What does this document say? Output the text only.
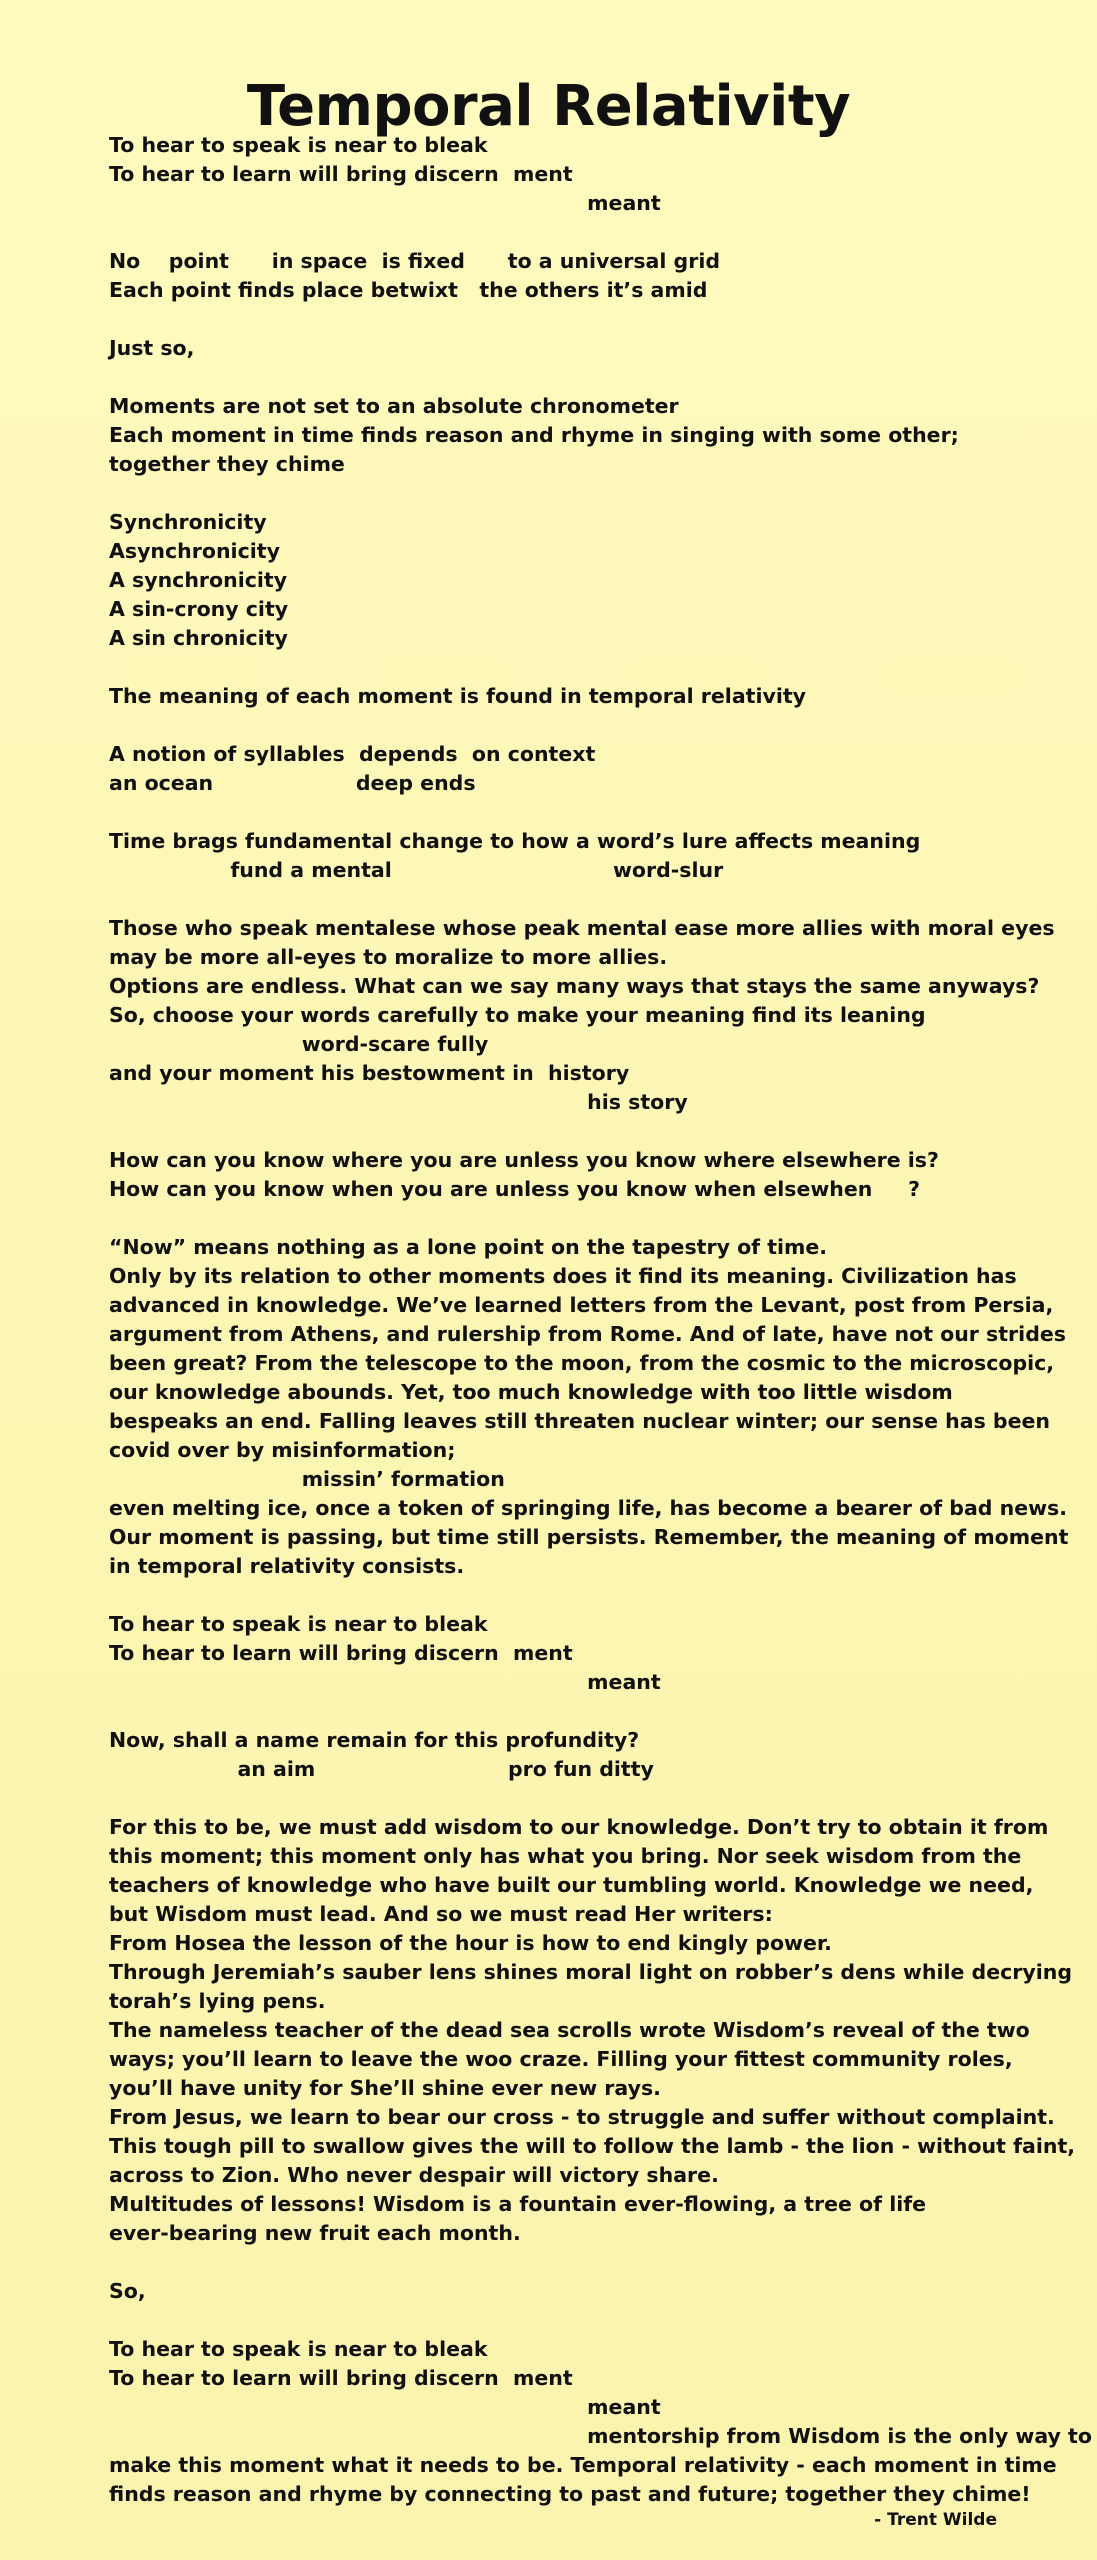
Temporal Relativity
To hear to speak is near to bleak
To hear to learn will bring discern  ment
meant
No    point      in space  is fixed      to a universal grid
Each point finds place betwixt   the others it’s amid
Just so,
Moments are not set to an absolute chronometer
Each moment in time finds reason and rhyme in singing with some other;
together they chime
Synchronicity
Asynchronicity
A synchronicity
A sin-crony city
A sin chronicity
The meaning of each moment is found in temporal relativity
A notion of syllables  depends  on context
an ocean                    deep ends
Time brags fundamental change to how a word’s lure affects meaning
fund a mental                               word-slur
Those who speak mentalese whose peak mental ease more allies with moral eyes
may be more all-eyes to moralize to more allies.
Options are endless. What can we say many ways that stays the same anyways?
So, choose your words carefully to make your meaning find its leaning
word-scare fully
and your moment his bestowment in  history
his story
How can you know where you are unless you know where elsewhere is?
How can you know when you are unless you know when elsewhen     ?
“Now” means nothing as a lone point on the tapestry of time.
Only by its relation to other moments does it find its meaning. Civilization has
advanced in knowledge. We’ve learned letters from the Levant, post from Persia,
argument from Athens, and rulership from Rome. And of late, have not our strides
been great? From the telescope to the moon, from the cosmic to the microscopic,
our knowledge abounds. Yet, too much knowledge with too little wisdom
bespeaks an end. Falling leaves still threaten nuclear winter; our sense has been
covid over by misinformation;
missin’ formation
even melting ice, once a token of springing life, has become a bearer of bad news.
Our moment is passing, but time still persists. Remember, the meaning of moment
in temporal relativity consists.
To hear to speak is near to bleak
To hear to learn will bring discern  ment
meant
Now, shall a name remain for this profundity?
an aim                           pro fun ditty
For this to be, we must add wisdom to our knowledge. Don’t try to obtain it from
this moment; this moment only has what you bring. Nor seek wisdom from the
teachers of knowledge who have built our tumbling world. Knowledge we need,
but Wisdom must lead. And so we must read Her writers:
From Hosea the lesson of the hour is how to end kingly power.
Through Jeremiah’s sauber lens shines moral light on robber’s dens while decrying
torah’s lying pens.
The nameless teacher of the dead sea scrolls wrote Wisdom’s reveal of the two
ways; you’ll learn to leave the woo craze. Filling your fittest community roles,
you’ll have unity for She’ll shine ever new rays.
From Jesus, we learn to bear our cross - to struggle and suffer without complaint.
This tough pill to swallow gives the will to follow the lamb - the lion - without faint,
across to Zion. Who never despair will victory share.
Multitudes of lessons! Wisdom is a fountain ever-flowing, a tree of life
ever-bearing new fruit each month.
So,
To hear to speak is near to bleak
To hear to learn will bring discern  ment
meant
mentorship from Wisdom is the only way to
make this moment what it needs to be. Temporal relativity - each moment in time
finds reason and rhyme by connecting to past and future; together they chime!
- Trent Wilde
